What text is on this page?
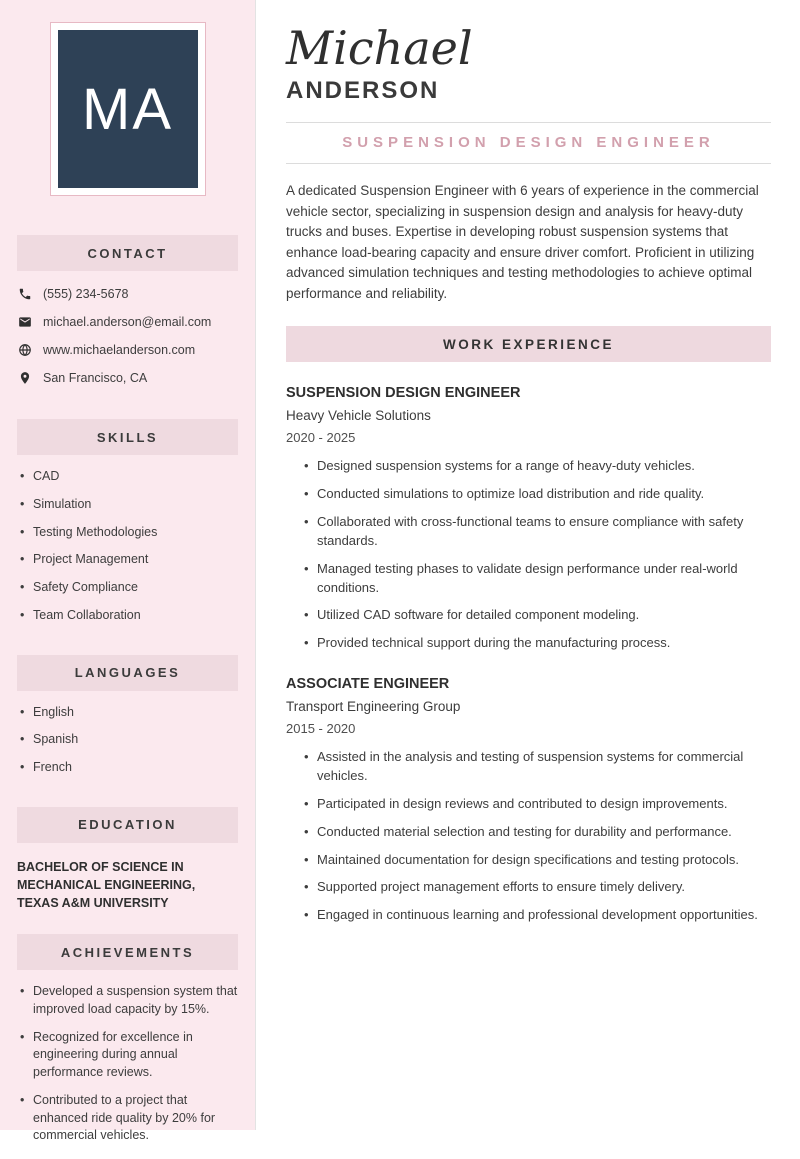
MA
CONTACT
(555) 234-5678
michael.anderson@email.com
www.michaelanderson.com
San Francisco, CA
SKILLS
• CAD
• Simulation
• Testing Methodologies
• Project Management
• Safety Compliance
• Team Collaboration
LANGUAGES
• English
• Spanish
• French
EDUCATION
BACHELOR OF SCIENCE IN MECHANICAL ENGINEERING, TEXAS A&M UNIVERSITY
ACHIEVEMENTS
• Developed a suspension system that improved load capacity by 15%.
• Recognized for excellence in engineering during annual performance reviews.
• Contributed to a project that enhanced ride quality by 20% for commercial vehicles.
Michael
ANDERSON
SUSPENSION DESIGN ENGINEER

A dedicated Suspension Engineer with 6 years of experience in the commercial vehicle sector, specializing in suspension design and analysis for heavy-duty trucks and buses. Expertise in developing robust suspension systems that enhance load-bearing capacity and ensure driver comfort. Proficient in utilizing advanced simulation techniques and testing methodologies to achieve optimal performance and reliability.

WORK EXPERIENCE
SUSPENSION DESIGN ENGINEER
Heavy Vehicle Solutions
2020 - 2025
• Designed suspension systems for a range of heavy-duty vehicles.
• Conducted simulations to optimize load distribution and ride quality.
• Collaborated with cross-functional teams to ensure compliance with safety standards.
• Managed testing phases to validate design performance under real-world conditions.
• Utilized CAD software for detailed component modeling.
• Provided technical support during the manufacturing process.
ASSOCIATE ENGINEER
Transport Engineering Group
2015 - 2020
• Assisted in the analysis and testing of suspension systems for commercial vehicles.
• Participated in design reviews and contributed to design improvements.
• Conducted material selection and testing for durability and performance.
• Maintained documentation for design specifications and testing protocols.
• Supported project management efforts to ensure timely delivery.
• Engaged in continuous learning and professional development opportunities.
